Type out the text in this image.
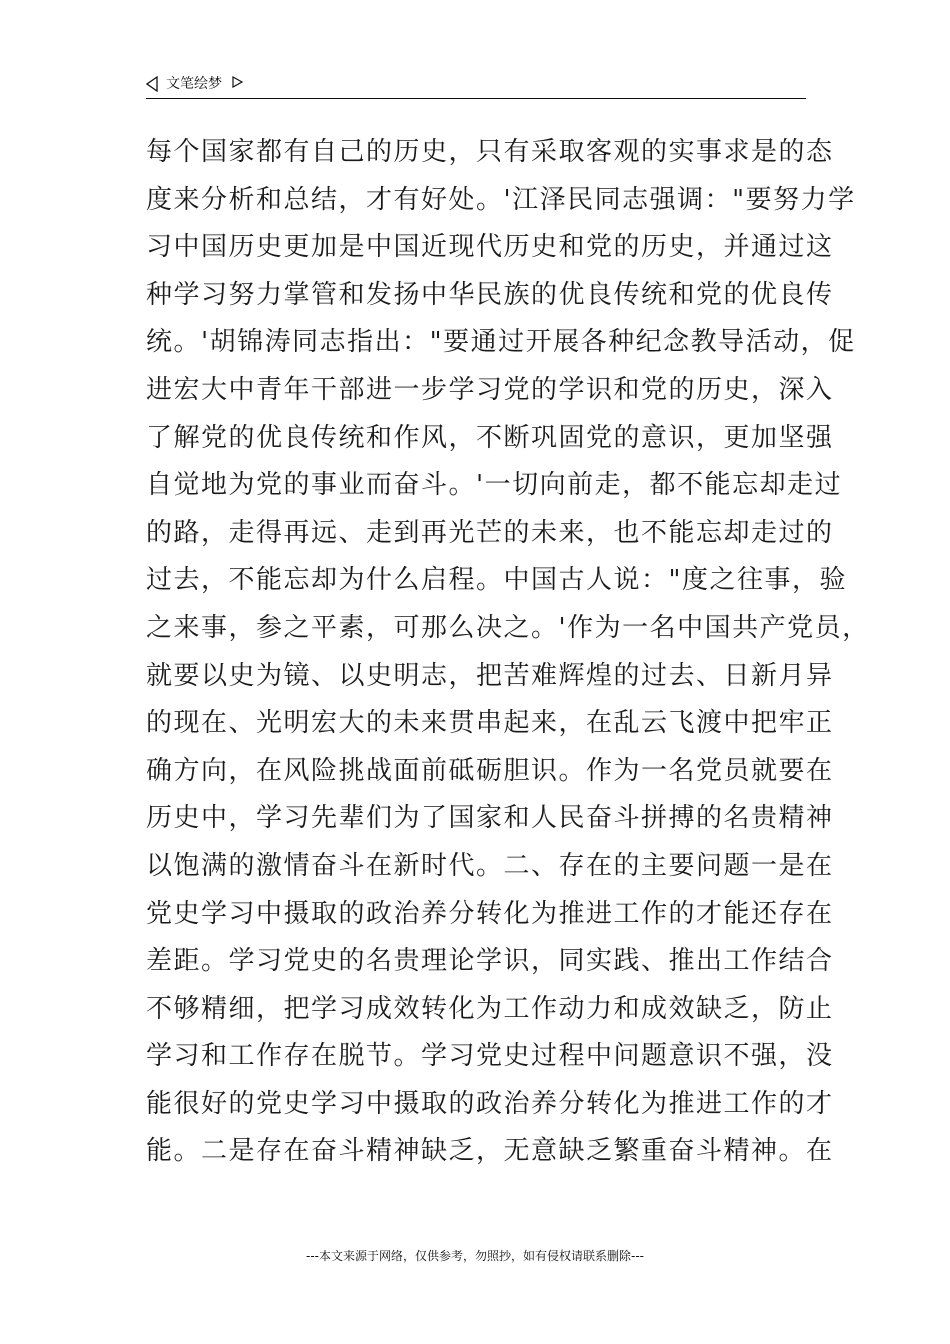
文笔绘梦
每个国家都有自己的历史，只有采取客观的实事求是的态
度来分析和总结，才有好处。'江泽民同志强调："要努力学
习中国历史更加是中国近现代历史和党的历史，并通过这
种学习努力掌管和发扬中华民族的优良传统和党的优良传
统。'胡锦涛同志指出："要通过开展各种纪念教导活动，促
进宏大中青年干部进一步学习党的学识和党的历史，深入
了解党的优良传统和作风，不断巩固党的意识，更加坚强
自觉地为党的事业而奋斗。'一切向前走，都不能忘却走过
的路，走得再远、走到再光芒的未来，也不能忘却走过的
过去，不能忘却为什么启程。中国古人说："度之往事，验
之来事，参之平素，可那么决之。'作为一名中国共产党员，
就要以史为镜、以史明志，把苦难辉煌的过去、日新月异
的现在、光明宏大的未来贯串起来，在乱云飞渡中把牢正
确方向，在风险挑战面前砥砺胆识。作为一名党员就要在
历史中，学习先辈们为了国家和人民奋斗拼搏的名贵精神
以饱满的激情奋斗在新时代。二、存在的主要问题一是在
党史学习中摄取的政治养分转化为推进工作的才能还存在
差距。学习党史的名贵理论学识，同实践、推出工作结合
不够精细，把学习成效转化为工作动力和成效缺乏，防止
学习和工作存在脱节。学习党史过程中问题意识不强，没
能很好的党史学习中摄取的政治养分转化为推进工作的才
能。二是存在奋斗精神缺乏，无意缺乏繁重奋斗精神。在
---本文来源于网络，仅供参考，勿照抄，如有侵权请联系删除---
